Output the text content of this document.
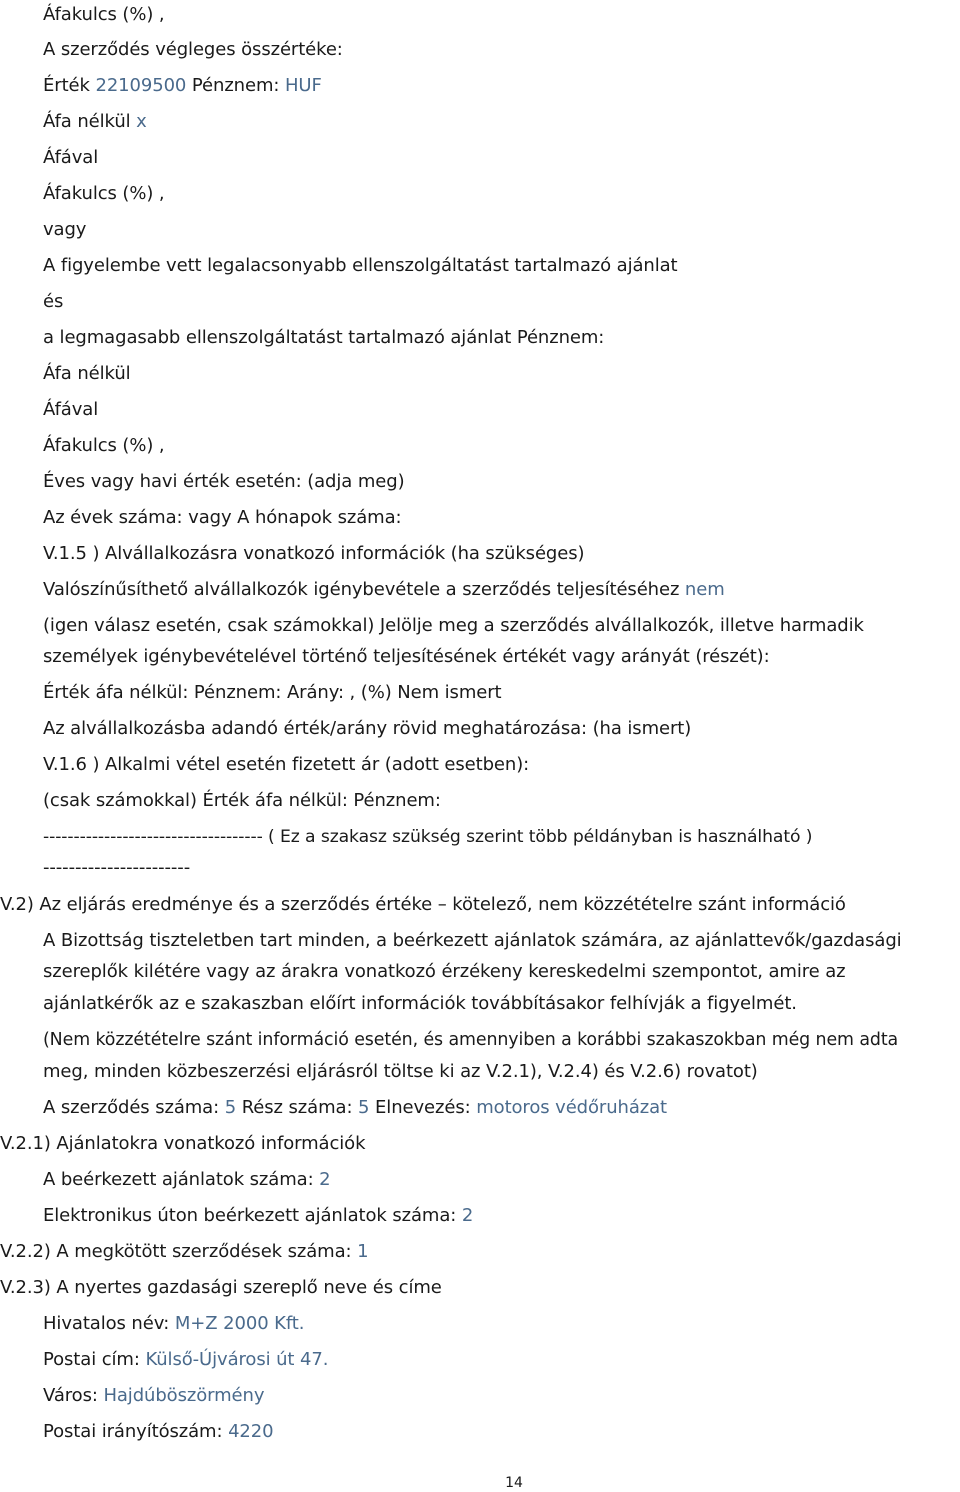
Áfakulcs (%) ,
A szerződés végleges összértéke:
Érték 22109500 Pénznem: HUF
Áfa nélkül x
Áfával
Áfakulcs (%) ,
vagy
A figyelembe vett legalacsonyabb ellenszolgáltatást tartalmazó ajánlat
és
a legmagasabb ellenszolgáltatást tartalmazó ajánlat Pénznem:
Áfa nélkül
Áfával
Áfakulcs (%) ,
Éves vagy havi érték esetén: (adja meg)
Az évek száma: vagy A hónapok száma:
V.1.5 ) Alvállalkozásra vonatkozó információk (ha szükséges)
Valószínűsíthető alvállalkozók igénybevétele a szerződés teljesítéséhez nem
(igen válasz esetén, csak számokkal) Jelölje meg a szerződés alvállalkozók, illetve harmadik
személyek igénybevételével történő teljesítésének értékét vagy arányát (részét):
Érték áfa nélkül: Pénznem: Arány: , (%) Nem ismert
Az alvállalkozásba adandó érték/arány rövid meghatározása: (ha ismert)
V.1.6 ) Alkalmi vétel esetén fizetett ár (adott esetben):
(csak számokkal) Érték áfa nélkül: Pénznem:
------------------------------------ ( Ez a szakasz szükség szerint több példányban is használható )
-----------------------
V.2) Az eljárás eredménye és a szerződés értéke – kötelező, nem közzétételre szánt információ
A Bizottság tiszteletben tart minden, a beérkezett ajánlatok számára, az ajánlattevők/gazdasági
szereplők kilétére vagy az árakra vonatkozó érzékeny kereskedelmi szempontot, amire az
ajánlatkérők az e szakaszban előírt információk továbbításakor felhívják a figyelmét.
(Nem közzétételre szánt információ esetén, és amennyiben a korábbi szakaszokban még nem adta
meg, minden közbeszerzési eljárásról töltse ki az V.2.1), V.2.4) és V.2.6) rovatot)
A szerződés száma: 5 Rész száma: 5 Elnevezés: motoros védőruházat
V.2.1) Ajánlatokra vonatkozó információk
A beérkezett ajánlatok száma: 2
Elektronikus úton beérkezett ajánlatok száma: 2
V.2.2) A megkötött szerződések száma: 1
V.2.3) A nyertes gazdasági szereplő neve és címe
Hivatalos név: M+Z 2000 Kft.
Postai cím: Külső-Újvárosi út 47.
Város: Hajdúböszörmény
Postai irányítószám: 4220
14
